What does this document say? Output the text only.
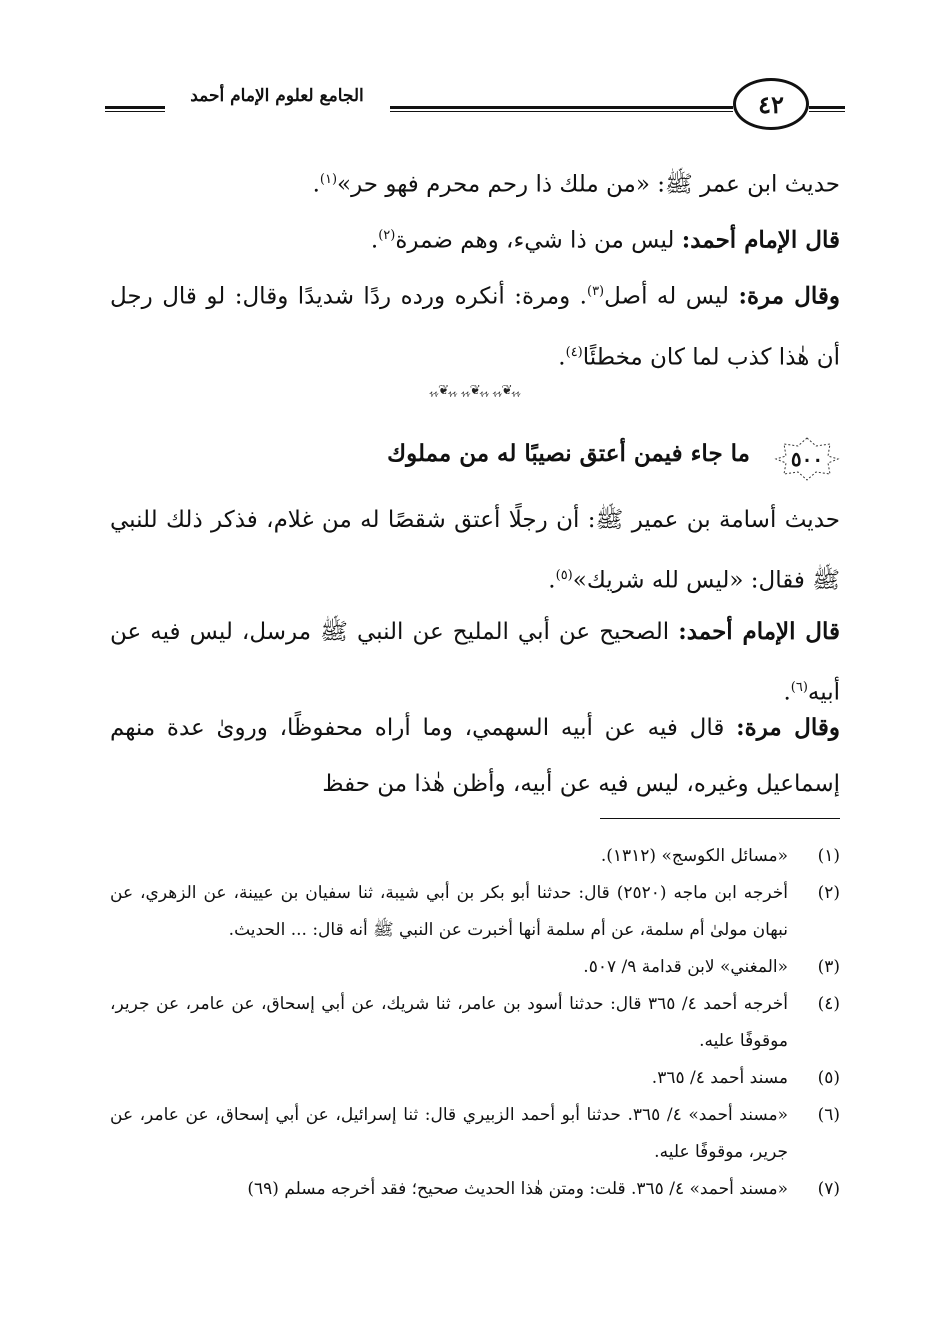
الجامع لعلوم الإمام أحمد	٤٢
حديث ابن عمر ﷺ: «من ملك ذا رحم محرم فهو حر»$^{(١)}$.
قال الإمام أحمد: ليس من ذا شيء، وهم ضمرة$^{(٢)}$.
وقال مرة: ليس له أصل$^{(٣)}$. ومرة: أنكره ورده ردًا شديدًا وقال: لو قال رجل أن هٰذا كذب لما كان مخطئًا$^{(٤)}$.
ﮩﮩ❦ﮩﮩ ﮩﮩ❦ﮩﮩ ﮩﮩ❦ﮩﮩ
٥٠٠
ما جاء فيمن أعتق نصيبًا له من مملوك
حديث أسامة بن عمير ﷺ: أن رجلًا أعتق شقصًا له من غلام، فذكر ذلك للنبي ﷺ فقال: «ليس لله شريك»$^{(٥)}$.
قال الإمام أحمد: الصحيح عن أبي المليح عن النبي ﷺ مرسل، ليس فيه عن أبيه$^{(٦)}$.
وقال مرة: قال فيه عن أبيه السهمي، وما أراه محفوظًا، وروىٰ عدة منهم إسماعيل وغيره، ليس فيه عن أبيه، وأظن هٰذا من حفظ
(١)
«مسائل الكوسج» (١٣١٢).
(٢)
أخرجه ابن ماجه (٢٥٢٠) قال: حدثنا أبو بكر بن أبي شيبة، ثنا سفيان بن عيينة، عن الزهري، عن نبهان مولىٰ أم سلمة، عن أم سلمة أنها أخبرت عن النبي ﷺ أنه قال: ... الحديث.
(٣)
«المغني» لابن قدامة ٩/ ٥٠٧.
(٤)
أخرجه أحمد ٤/ ٣٦٥ قال: حدثنا أسود بن عامر، ثنا شريك، عن أبي إسحاق، عن عامر، عن جرير، موقوفًا عليه.
(٥)
مسند أحمد ٤/ ٣٦٥.
(٦)
«مسند أحمد» ٤/ ٣٦٥. حدثنا أبو أحمد الزبيري قال: ثنا إسرائيل، عن أبي إسحاق، عن عامر، عن جرير، موقوفًا عليه.
(٧)
«مسند أحمد» ٤/ ٣٦٥. قلت: ومتن هٰذا الحديث صحيح؛ فقد أخرجه مسلم (٦٩)
